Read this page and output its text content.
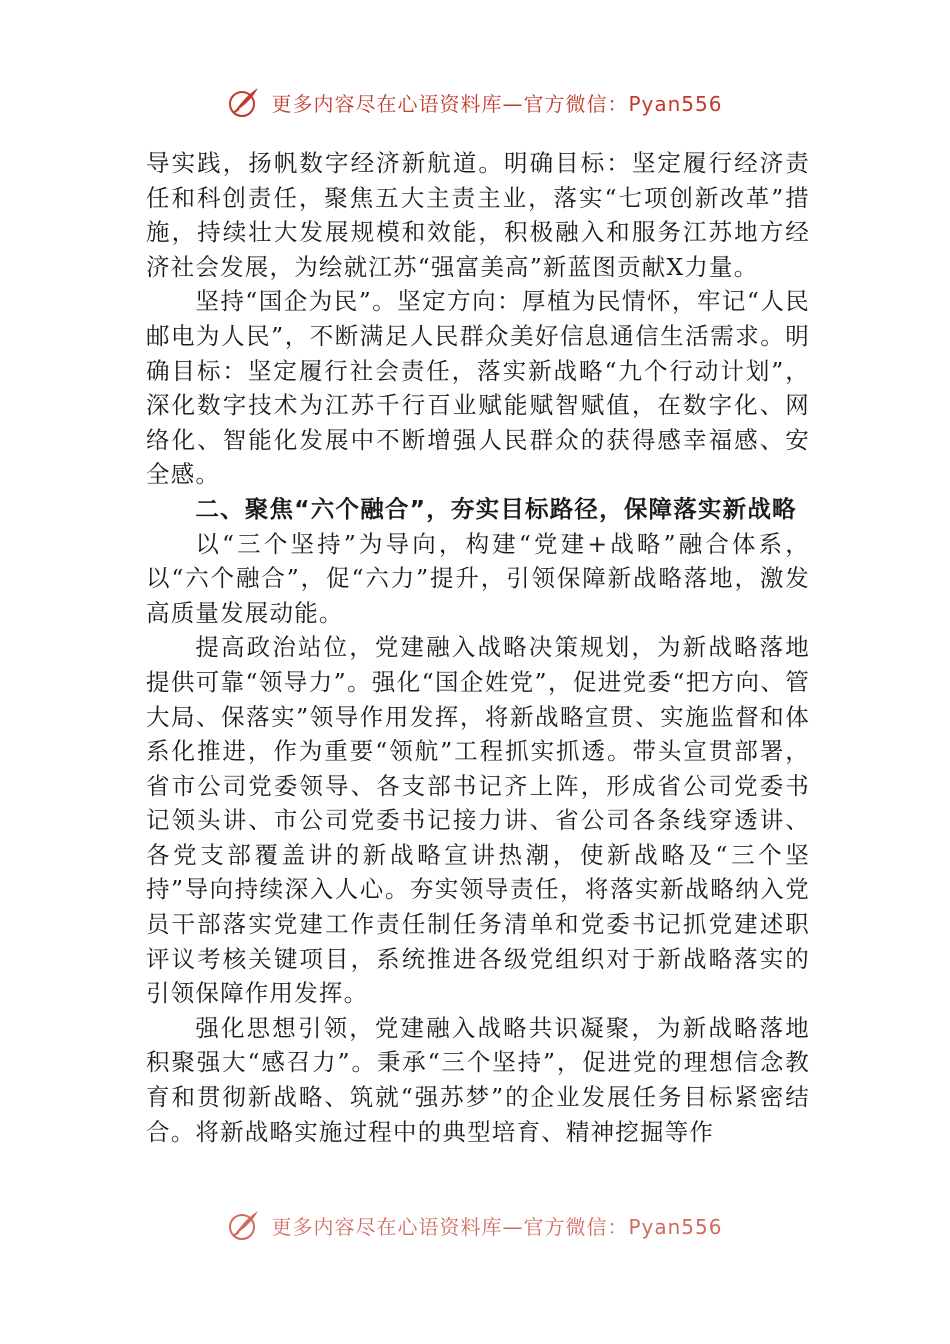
更多内容尽在心语资料库—官方微信：Pyan556

导实践，扬帆数字经济新航道。明确目标：坚定履行经济责任和科创责任，聚焦五大主责主业，落实“七项创新改革”措施，持续壮大发展规模和效能，积极融入和服务江苏地方经济社会发展，为绘就江苏“强富美高”新蓝图贡献X力量。

坚持“国企为民”。坚定方向：厚植为民情怀，牢记“人民邮电为人民”，不断满足人民群众美好信息通信生活需求。明确目标：坚定履行社会责任，落实新战略“九个行动计划”，深化数字技术为江苏千行百业赋能赋智赋值，在数字化、网络化、智能化发展中不断增强人民群众的获得感幸福感、安全感。

二、聚焦“六个融合”，夯实目标路径，保障落实新战略

以“三个坚持”为导向，构建“党建+战略”融合体系，以“六个融合”，促“六力”提升，引领保障新战略落地，激发高质量发展动能。

提高政治站位，党建融入战略决策规划，为新战略落地提供可靠“领导力”。强化“国企姓党”，促进党委“把方向、管大局、保落实”领导作用发挥，将新战略宣贯、实施监督和体系化推进，作为重要“领航”工程抓实抓透。带头宣贯部署，省市公司党委领导、各支部书记齐上阵，形成省公司党委书记领头讲、市公司党委书记接力讲、省公司各条线穿透讲、各党支部覆盖讲的新战略宣讲热潮，使新战略及“三个坚持”导向持续深入人心。夯实领导责任，将落实新战略纳入党员干部落实党建工作责任制任务清单和党委书记抓党建述职评议考核关键项目，系统推进各级党组织对于新战略落实的引领保障作用发挥。

强化思想引领，党建融入战略共识凝聚，为新战略落地积聚强大“感召力”。秉承“三个坚持”，促进党的理想信念教育和贯彻新战略、筑就“强苏梦”的企业发展任务目标紧密结合。将新战略实施过程中的典型培育、精神挖掘等作

更多内容尽在心语资料库—官方微信：Pyan556
